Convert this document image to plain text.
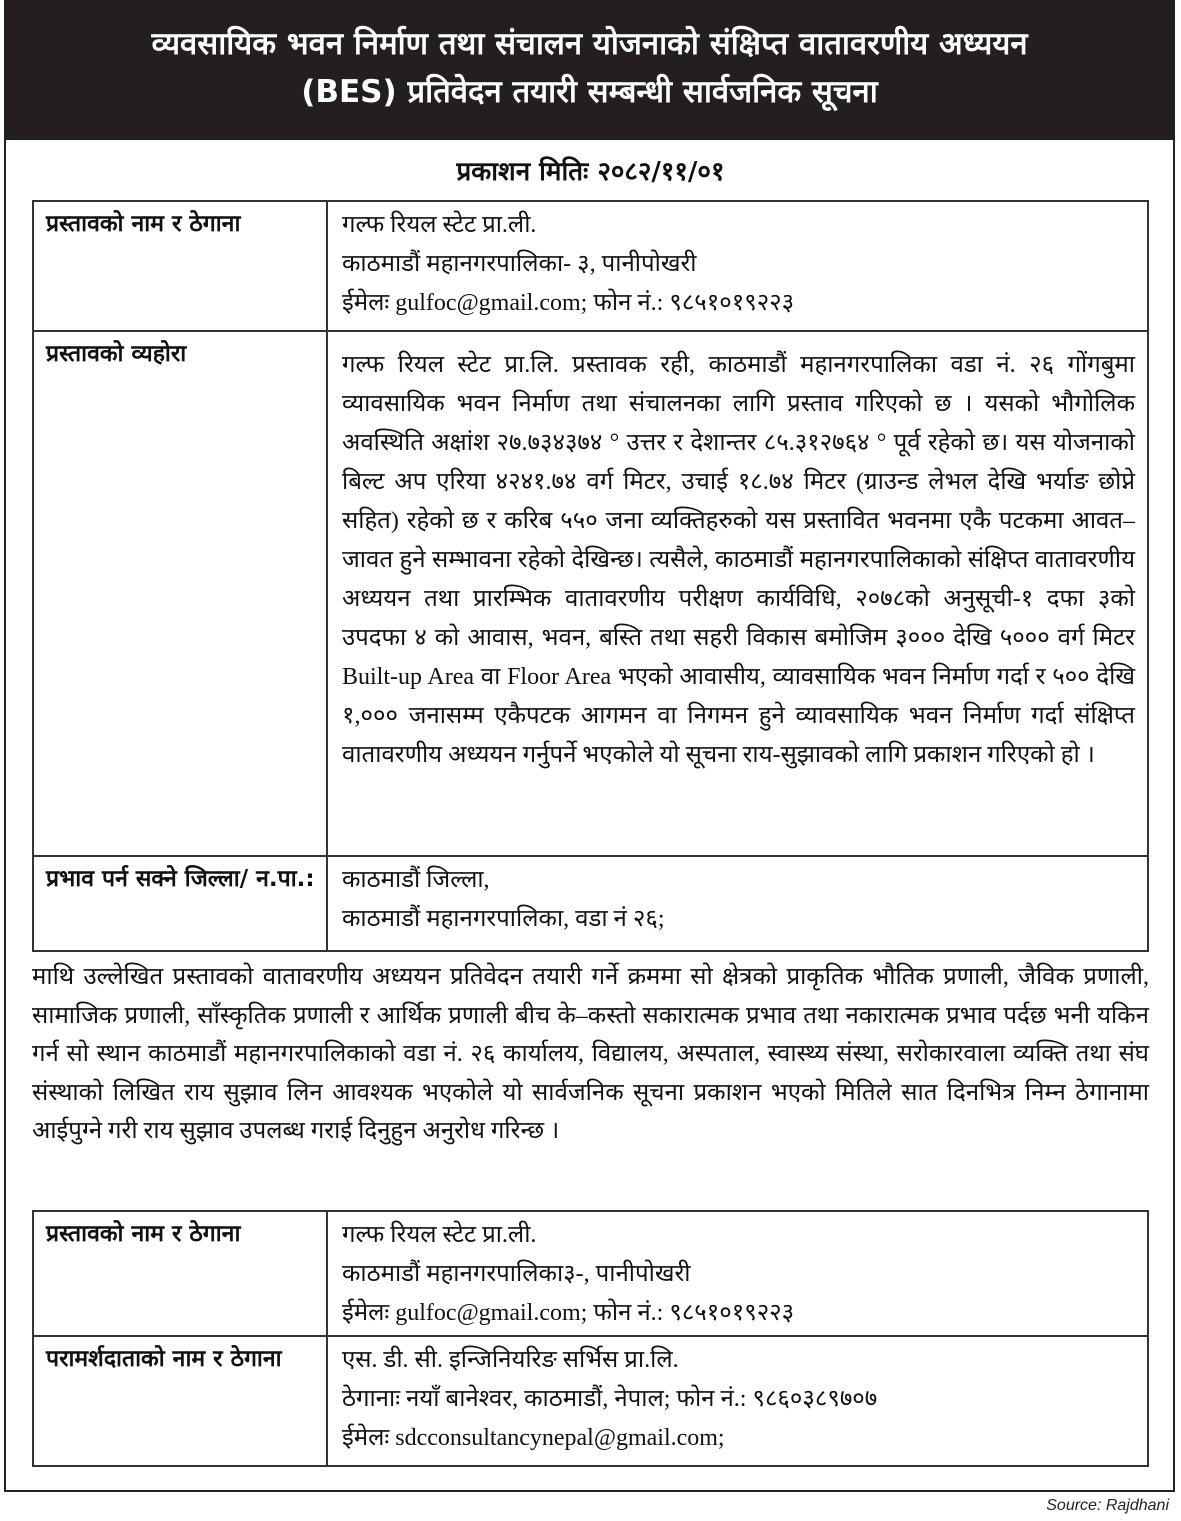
व्यवसायिक भवन निर्माण तथा संचालन योजनाको संक्षिप्त वातावरणीय अध्ययन
(BES) प्रतिवेदन तयारी सम्बन्धी सार्वजनिक सूचना
प्रकाशन मितिः २०८२/११/०१
प्रस्तावको नाम र ठेगाना	गल्फ रियल स्टेट प्रा.ली.
काठमाडौं महानगरपालिका- ३, पानीपोखरी
ईमेलः gulfoc@gmail.com; फोन नं.: ९८५१०१९२२३

प्रस्तावको व्यहोरा	गल्फ रियल स्टेट प्रा.लि. प्रस्तावक रही, काठमाडौं महानगरपालिका वडा नं. २६ गोंगबुमा व्यावसायिक भवन निर्माण तथा संचालनका लागि प्रस्ताव गरिएको छ । यसको भौगोलिक अवस्थिति अक्षांश २७.७३४३७४ ° उत्तर र देशान्तर ८५.३१२७६४ ° पूर्व रहेको छ। यस योजनाको बिल्ट अप एरिया ४२४१.७४ वर्ग मिटर, उचाई १८.७४ मिटर (ग्राउन्ड लेभल देखि भर्याङ छोप्ने सहित) रहेको छ र करिब ५५० जना व्यक्तिहरुको यस प्रस्तावित भवनमा एकै पटकमा आवत–जावत हुने सम्भावना रहेको देखिन्छ। त्यसैले, काठमाडौं महानगरपालिकाको संक्षिप्त वातावरणीय अध्ययन तथा प्रारम्भिक वातावरणीय परीक्षण कार्यविधि, २०७८को अनुसूची-१ दफा ३को उपदफा ४ को आवास, भवन, बस्ति तथा सहरी विकास बमोजिम ३००० देखि ५००० वर्ग मिटर Built-up Area वा Floor Area भएको आवासीय, व्यावसायिक भवन निर्माण गर्दा र ५०० देखि १,००० जनासम्म एकैपटक आगमन वा निगमन हुने व्यावसायिक भवन निर्माण गर्दा संक्षिप्त वातावरणीय अध्ययन गर्नुपर्ने भएकोले यो सूचना राय-सुझावको लागि प्रकाशन गरिएको हो ।
प्रभाव पर्न सक्ने जिल्ला/ न.पा.:	काठमाडौं जिल्ला,
काठमाडौं महानगरपालिका, वडा नं २६;
माथि उल्लेखित प्रस्तावको वातावरणीय अध्ययन प्रतिवेदन तयारी गर्ने क्रममा सो क्षेत्रको प्राकृतिक भौतिक प्रणाली, जैविक प्रणाली, सामाजिक प्रणाली, साँस्कृतिक प्रणाली र आर्थिक प्रणाली बीच के–कस्तो सकारात्मक प्रभाव तथा नकारात्मक प्रभाव पर्दछ भनी यकिन गर्न सो स्थान काठमाडौं महानगरपालिकाको वडा नं. २६ कार्यालय, विद्यालय, अस्पताल, स्वास्थ्य संस्था, सरोकारवाला व्यक्ति तथा संघ संस्थाको लिखित राय सुझाव लिन आवश्यक भएकोले यो सार्वजनिक सूचना प्रकाशन भएको मितिले सात दिनभित्र निम्न ठेगानामा आईपुग्ने गरी राय सुझाव उपलब्ध गराई दिनुहुन अनुरोध गरिन्छ ।
प्रस्तावको नाम र ठेगाना	गल्फ रियल स्टेट प्रा.ली.
काठमाडौं महानगरपालिका३-, पानीपोखरी
ईमेलः gulfoc@gmail.com; फोन नं.: ९८५१०१९२२३

परामर्शदाताको नाम र ठेगाना	एस. डी. सी. इन्जिनियरिङ सर्भिस प्रा.लि.
ठेगानाः नयाँ बानेश्वर, काठमाडौं, नेपाल; फोन नं.: ९८६०३८९७०७
ईमेलः sdcconsultancynepal@gmail.com;
Source: Rajdhani
